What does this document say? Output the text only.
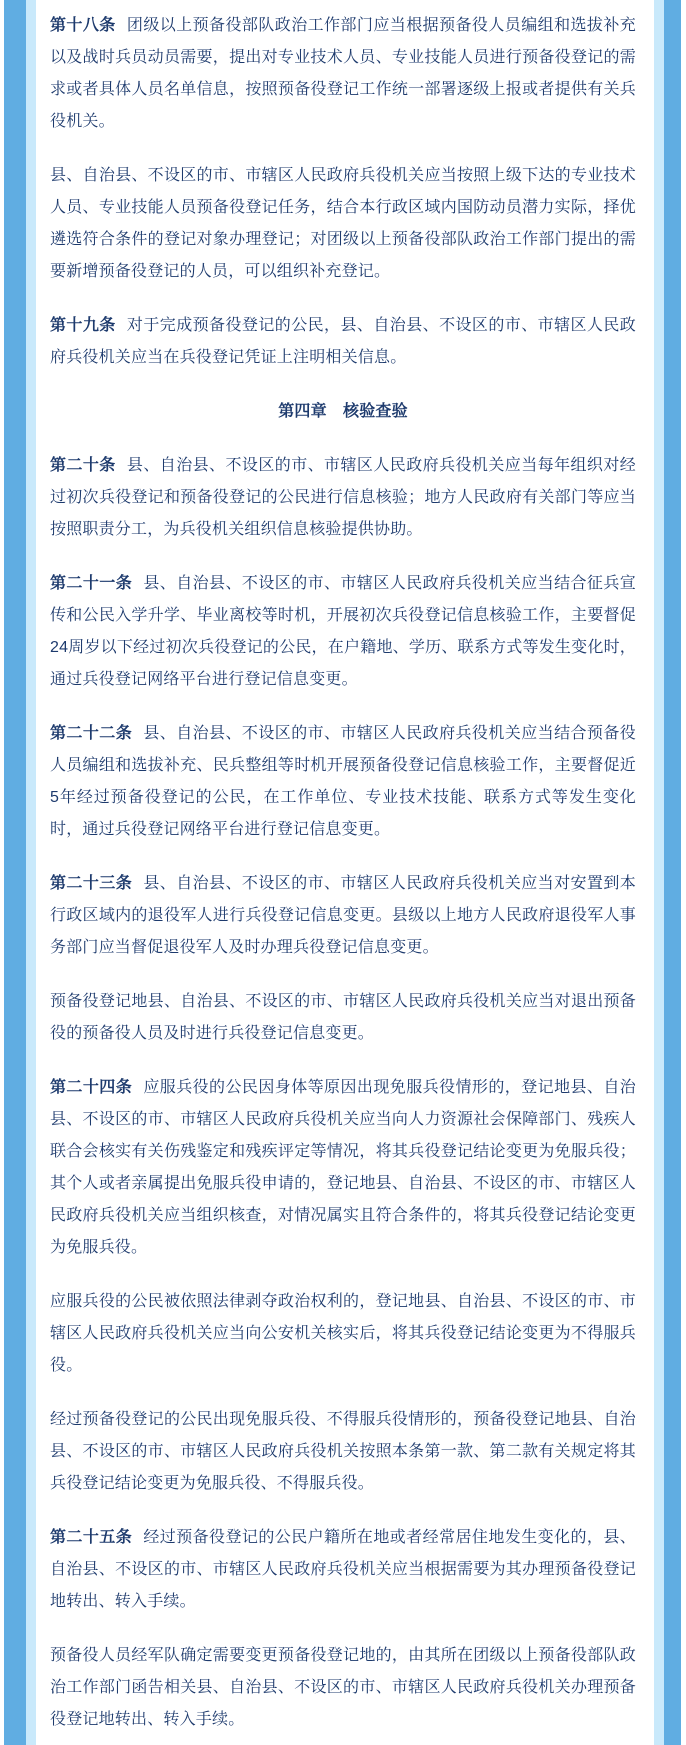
第十八条 团级以上预备役部队政治工作部门应当根据预备役人员编组和选拔补充以及战时兵员动员需要，提出对专业技术人员、专业技能人员进行预备役登记的需求或者具体人员名单信息，按照预备役登记工作统一部署逐级上报或者提供有关兵役机关。

县、自治县、不设区的市、市辖区人民政府兵役机关应当按照上级下达的专业技术人员、专业技能人员预备役登记任务，结合本行政区域内国防动员潜力实际，择优遴选符合条件的登记对象办理登记；对团级以上预备役部队政治工作部门提出的需要新增预备役登记的人员，可以组织补充登记。

第十九条 对于完成预备役登记的公民，县、自治县、不设区的市、市辖区人民政府兵役机关应当在兵役登记凭证上注明相关信息。

第四章　核验查验

第二十条 县、自治县、不设区的市、市辖区人民政府兵役机关应当每年组织对经过初次兵役登记和预备役登记的公民进行信息核验；地方人民政府有关部门等应当按照职责分工，为兵役机关组织信息核验提供协助。

第二十一条 县、自治县、不设区的市、市辖区人民政府兵役机关应当结合征兵宣传和公民入学升学、毕业离校等时机，开展初次兵役登记信息核验工作，主要督促24周岁以下经过初次兵役登记的公民，在户籍地、学历、联系方式等发生变化时，通过兵役登记网络平台进行登记信息变更。

第二十二条 县、自治县、不设区的市、市辖区人民政府兵役机关应当结合预备役人员编组和选拔补充、民兵整组等时机开展预备役登记信息核验工作，主要督促近5年经过预备役登记的公民，在工作单位、专业技术技能、联系方式等发生变化时，通过兵役登记网络平台进行登记信息变更。

第二十三条 县、自治县、不设区的市、市辖区人民政府兵役机关应当对安置到本行政区域内的退役军人进行兵役登记信息变更。县级以上地方人民政府退役军人事务部门应当督促退役军人及时办理兵役登记信息变更。

预备役登记地县、自治县、不设区的市、市辖区人民政府兵役机关应当对退出预备役的预备役人员及时进行兵役登记信息变更。

第二十四条 应服兵役的公民因身体等原因出现免服兵役情形的，登记地县、自治县、不设区的市、市辖区人民政府兵役机关应当向人力资源社会保障部门、残疾人联合会核实有关伤残鉴定和残疾评定等情况，将其兵役登记结论变更为免服兵役；其个人或者亲属提出免服兵役申请的，登记地县、自治县、不设区的市、市辖区人民政府兵役机关应当组织核查，对情况属实且符合条件的，将其兵役登记结论变更为免服兵役。

应服兵役的公民被依照法律剥夺政治权利的，登记地县、自治县、不设区的市、市辖区人民政府兵役机关应当向公安机关核实后，将其兵役登记结论变更为不得服兵役。

经过预备役登记的公民出现免服兵役、不得服兵役情形的，预备役登记地县、自治县、不设区的市、市辖区人民政府兵役机关按照本条第一款、第二款有关规定将其兵役登记结论变更为免服兵役、不得服兵役。

第二十五条 经过预备役登记的公民户籍所在地或者经常居住地发生变化的，县、自治县、不设区的市、市辖区人民政府兵役机关应当根据需要为其办理预备役登记地转出、转入手续。

预备役人员经军队确定需要变更预备役登记地的，由其所在团级以上预备役部队政治工作部门函告相关县、自治县、不设区的市、市辖区人民政府兵役机关办理预备役登记地转出、转入手续。
